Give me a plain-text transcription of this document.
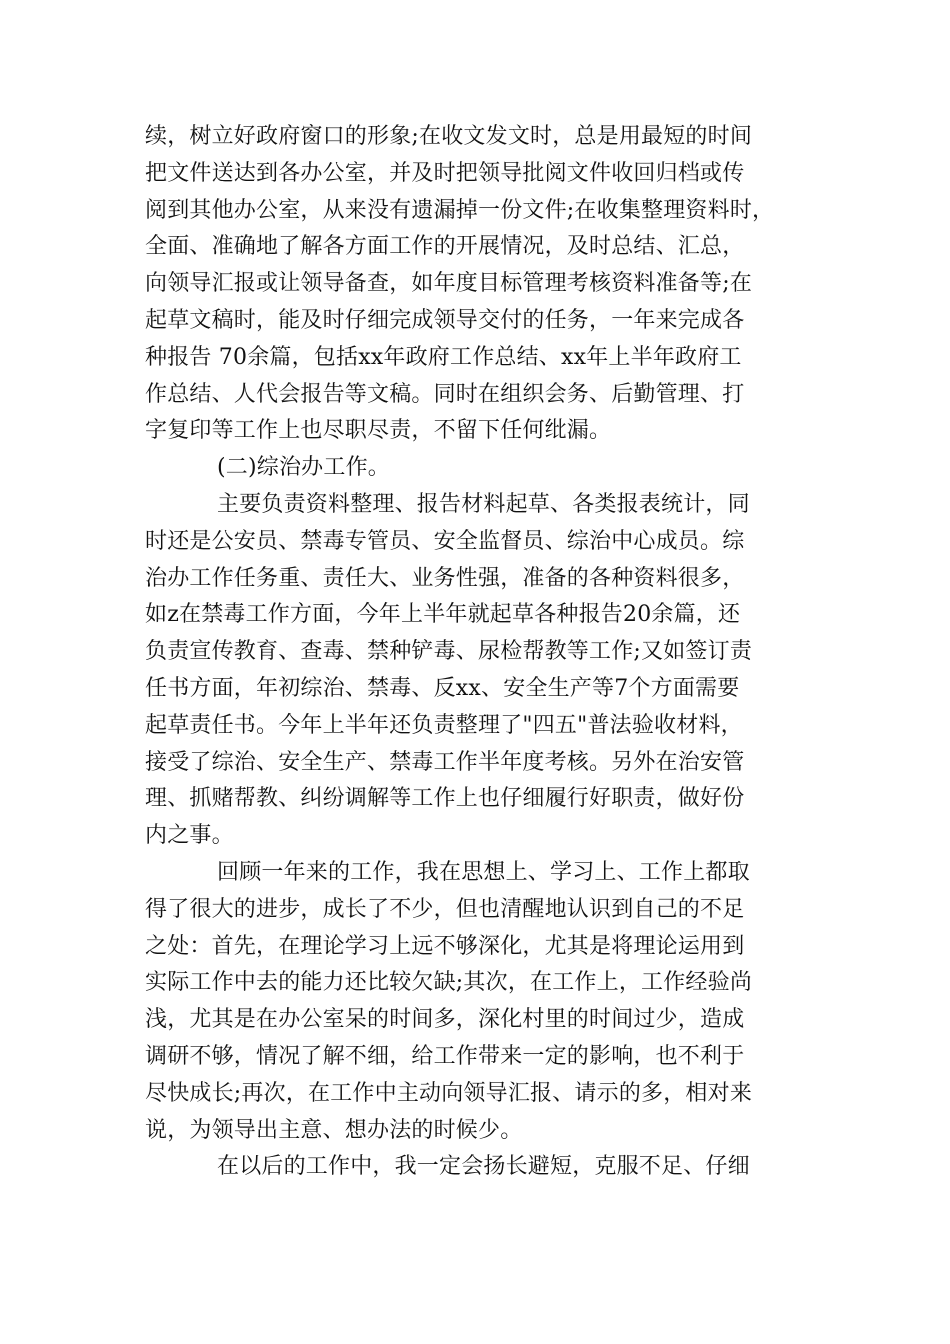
续，树立好政府窗口的形象;在收文发文时，总是用最短的时间
把文件送达到各办公室，并及时把领导批阅文件收回归档或传
阅到其他办公室，从来没有遗漏掉一份文件;在收集整理资料时，
全面、准确地了解各方面工作的开展情况，及时总结、汇总，
向领导汇报或让领导备查，如年度目标管理考核资料准备等;在
起草文稿时，能及时仔细完成领导交付的任务，一年来完成各
种报告 70余篇，包括xx年政府工作总结、xx年上半年政府工
作总结、人代会报告等文稿。同时在组织会务、后勤管理、打
字复印等工作上也尽职尽责，不留下任何纰漏。
(二)综治办工作。
主要负责资料整理、报告材料起草、各类报表统计，同
时还是公安员、禁毒专管员、安全监督员、综治中心成员。综
治办工作任务重、责任大、业务性强，准备的各种资料很多，
如z在禁毒工作方面，今年上半年就起草各种报告20余篇，还
负责宣传教育、查毒、禁种铲毒、尿检帮教等工作;又如签订责
任书方面，年初综治、禁毒、反xx、安全生产等7个方面需要
起草责任书。今年上半年还负责整理了"四五"普法验收材料，
接受了综治、安全生产、禁毒工作半年度考核。另外在治安管
理、抓赌帮教、纠纷调解等工作上也仔细履行好职责，做好份
内之事。
回顾一年来的工作，我在思想上、学习上、工作上都取
得了很大的进步，成长了不少，但也清醒地认识到自己的不足
之处：首先，在理论学习上远不够深化，尤其是将理论运用到
实际工作中去的能力还比较欠缺;其次，在工作上，工作经验尚
浅，尤其是在办公室呆的时间多，深化村里的时间过少，造成
调研不够，情况了解不细，给工作带来一定的影响，也不利于
尽快成长;再次，在工作中主动向领导汇报、请示的多，相对来
说，为领导出主意、想办法的时候少。
在以后的工作中，我一定会扬长避短，克服不足、仔细
